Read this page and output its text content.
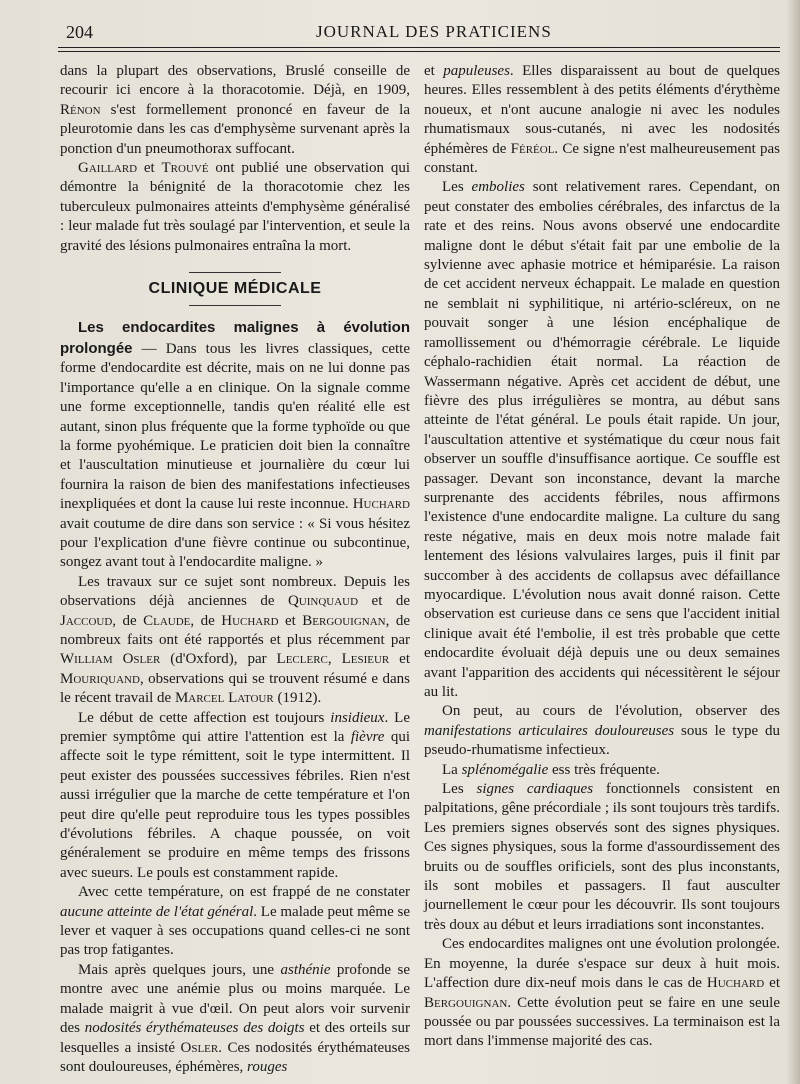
204	JOURNAL DES PRATICIENS

dans la plupart des observations, Bruslé conseille de recourir ici encore à la thoracotomie. Déjà, en 1909, Rénon s'est formellement prononcé en faveur de la pleurotomie dans les cas d'emphysème survenant après la ponction d'un pneumothorax suffocant.

Gaillard et Trouvé ont publié une observation qui démontre la bénignité de la thoracotomie chez les tuberculeux pulmonaires atteints d'emphysème généralisé : leur malade fut très soulagé par l'intervention, et seule la gravité des lésions pulmonaires entraîna la mort.

CLINIQUE MÉDICALE

Les endocardites malignes à évolution prolongée — Dans tous les livres classiques, cette forme d'endocardite est décrite, mais on ne lui donne pas l'importance qu'elle a en clinique. On la signale comme une forme exceptionnelle, tandis qu'en réalité elle est autant, sinon plus fréquente que la forme typhoïde ou que la forme pyohémique. Le praticien doit bien la connaître et l'auscultation minutieuse et journalière du cœur lui fournira la raison de bien des manifestations infectieuses inexpliquées et dont la cause lui reste inconnue. Huchard avait coutume de dire dans son service : « Si vous hésitez pour l'explication d'une fièvre continue ou subcontinue, songez avant tout à l'endocardite maligne. »

Les travaux sur ce sujet sont nombreux. Depuis les observations déjà anciennes de Quinquaud et de Jaccoud, de Claude, de Huchard et Bergouignan, de nombreux faits ont été rapportés et plus récemment par William Osler (d'Oxford), par Leclerc, Lesieur et Mouriquand, observations qui se trouvent résumé e dans le récent travail de Marcel Latour (1912).

Le début de cette affection est toujours insidieux. Le premier symptôme qui attire l'attention est la fièvre qui affecte soit le type rémittent, soit le type intermittent. Il peut exister des poussées successives fébriles. Rien n'est aussi irrégulier que la marche de cette température et l'on peut dire qu'elle peut reproduire tous les types possibles d'évolutions fébriles. A chaque poussée, on voit généralement se produire en même temps des frissons avec sueurs. Le pouls est constamment rapide.

Avec cette température, on est frappé de ne constater aucune atteinte de l'état général. Le malade peut même se lever et vaquer à ses occupations quand celles-ci ne sont pas trop fatigantes.

Mais après quelques jours, une asthénie profonde se montre avec une anémie plus ou moins marquée. Le malade maigrit à vue d'œil. On peut alors voir survenir des nodosités érythémateuses des doigts et des orteils sur lesquelles a insisté Osler. Ces nodosités érythémateuses sont douloureuses, éphémères, rouges

et papuleuses. Elles disparaissent au bout de quelques heures. Elles ressemblent à des petits éléments d'érythème noueux, et n'ont aucune analogie ni avec les nodules rhumatismaux sous-cutanés, ni avec les nodosités éphémères de Féréol. Ce signe n'est malheureusement pas constant.

Les embolies sont relativement rares. Cependant, on peut constater des embolies cérébrales, des infarctus de la rate et des reins. Nous avons observé une endocardite maligne dont le début s'était fait par une embolie de la sylvienne avec aphasie motrice et hémiparésie. La raison de cet accident nerveux échappait. Le malade en question ne semblait ni syphilitique, ni artério-scléreux, on ne pouvait songer à une lésion encéphalique de ramollissement ou d'hémorragie cérébrale. Le liquide céphalo-rachidien était normal. La réaction de Wassermann négative. Après cet accident de début, une fièvre des plus irrégulières se montra, au début sans atteinte de l'état général. Le pouls était rapide. Un jour, l'auscultation attentive et systématique du cœur nous fait observer un souffle d'insuffisance aortique. Ce souffle est passager. Devant son inconstance, devant la marche surprenante des accidents fébriles, nous affirmons l'existence d'une endocardite maligne. La culture du sang reste négative, mais en deux mois notre malade fait lentement des lésions valvulaires larges, puis il finit par succomber à des accidents de collapsus avec défaillance myocardique. L'évolution nous avait donné raison. Cette observation est curieuse dans ce sens que l'accident initial clinique avait été l'embolie, il est très probable que cette endocardite évoluait déjà depuis une ou deux semaines avant l'apparition des accidents qui nécessitèrent le séjour au lit.

On peut, au cours de l'évolution, observer des manifestations articulaires douloureuses sous le type du pseudo-rhumatisme infectieux.

La splénomégalie ess très fréquente.

Les signes cardiaques fonctionnels consistent en palpitations, gêne précordiale ; ils sont toujours très tardifs. Les premiers signes observés sont des signes physiques. Ces signes physiques, sous la forme d'assourdissement des bruits ou de souffles orificiels, sont des plus inconstants, ils sont mobiles et passagers. Il faut ausculter journellement le cœur pour les découvrir. Ils sont toujours très doux au début et leurs irradiations sont inconstantes.

Ces endocardites malignes ont une évolution prolongée. En moyenne, la durée s'espace sur deux à huit mois. L'affection dure dix-neuf mois dans le cas de Huchard et Bergouignan. Cette évolution peut se faire en une seule poussée ou par poussées successives. La terminaison est la mort dans l'immense majorité des cas.
